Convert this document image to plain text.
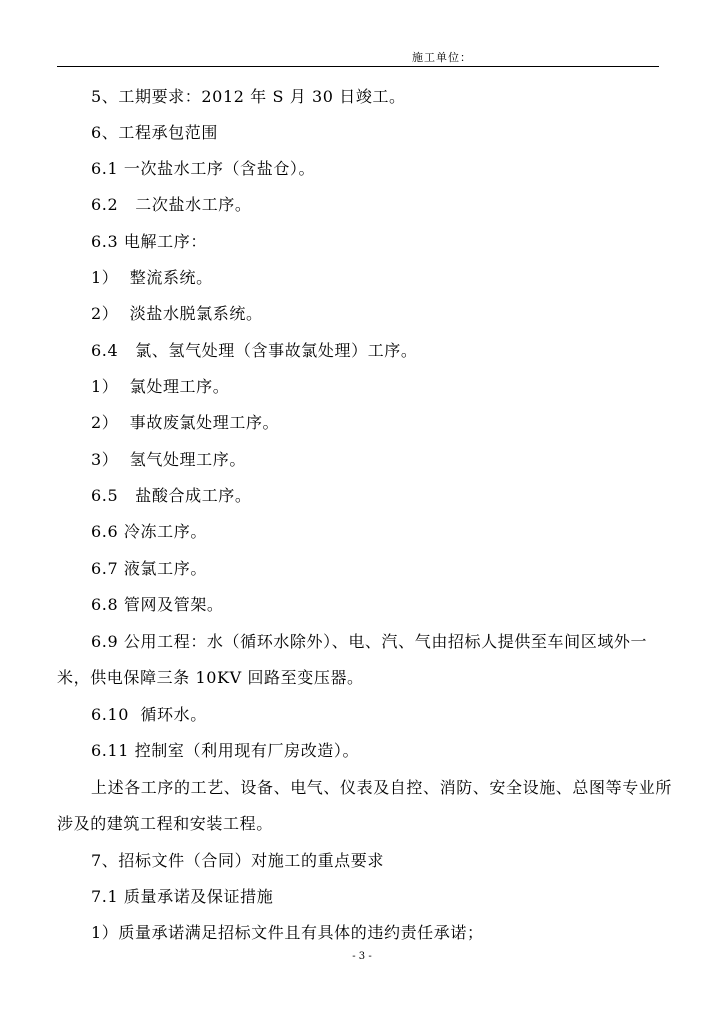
施工单位：
5、工期要求：2012 年 S 月 30 日竣工。
6、工程承包范围
6.1 一次盐水工序（含盐仓）。
6.2   二次盐水工序。
6.3 电解工序：
1）  整流系统。
2）  淡盐水脱氯系统。
6.4   氯、氢气处理（含事故氯处理）工序。
1）  氯处理工序。
2）  事故废氯处理工序。
3）  氢气处理工序。
6.5   盐酸合成工序。
6.6 冷冻工序。
6.7 液氯工序。
6.8 管网及管架。
6.9 公用工程：水（循环水除外）、电、汽、气由招标人提供至车间区域外一
米，供电保障三条 10KV 回路至变压器。
6.10  循环水。
6.11 控制室（利用现有厂房改造）。
上述各工序的工艺、设备、电气、仪表及自控、消防、安全设施、总图等专业所
涉及的建筑工程和安装工程。
7、招标文件（合同）对施工的重点要求
7.1 质量承诺及保证措施
1）质量承诺满足招标文件且有具体的违约责任承诺；
- 3 -
